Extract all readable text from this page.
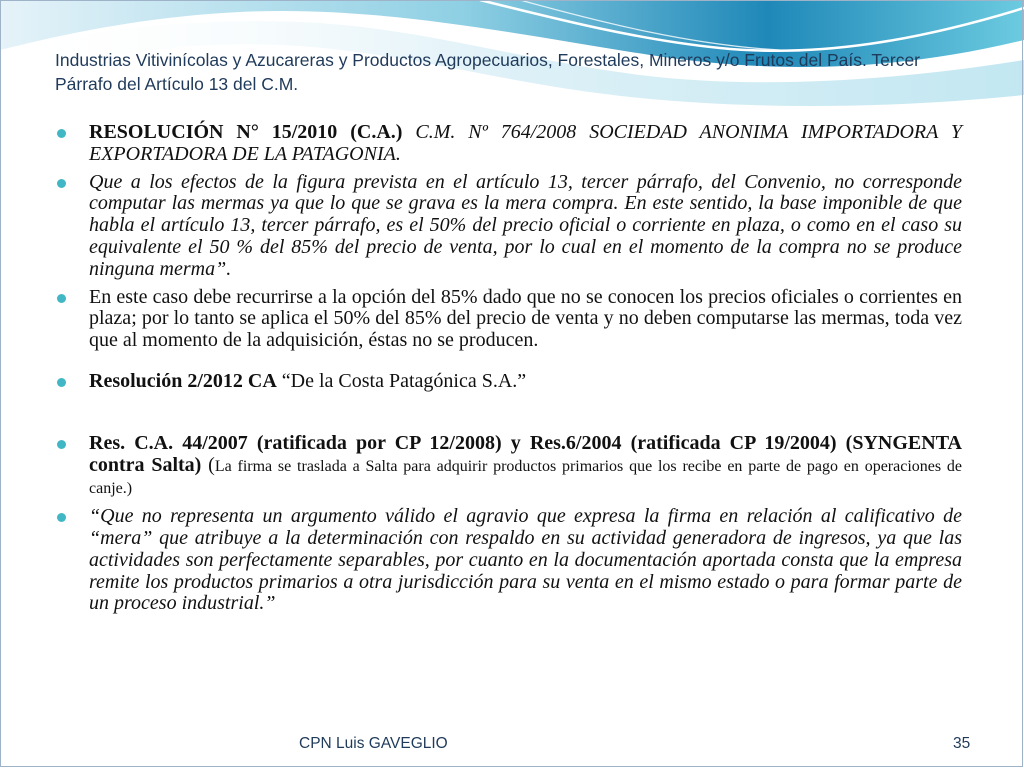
Industrias Vitivinícolas y Azucareras y Productos Agropecuarios, Forestales, Mineros y/o Frutos del País. Tercer Párrafo del Artículo 13 del C.M.
RESOLUCIÓN N° 15/2010 (C.A.) C.M. Nº 764/2008 SOCIEDAD ANONIMA IMPORTADORA Y EXPORTADORA DE LA PATAGONIA.
Que a los efectos de la figura prevista en el artículo 13, tercer párrafo, del Convenio, no corresponde computar las mermas ya que lo que se grava es la mera compra. En este sentido, la base imponible de que habla el artículo 13, tercer párrafo, es el 50% del precio oficial o corriente en plaza, o como en el caso su equivalente el 50 % del 85% del precio de venta, por lo cual en el momento de la compra no se produce ninguna merma”.
En este caso debe recurrirse a la opción del 85% dado que no se conocen los precios oficiales o corrientes en plaza; por lo tanto se aplica el 50% del 85% del precio de venta y no deben computarse las mermas, toda vez que al momento de la adquisición, éstas no se producen.
Resolución 2/2012 CA “De la Costa Patagónica S.A.”
Res. C.A. 44/2007 (ratificada por CP 12/2008) y Res.6/2004 (ratificada CP 19/2004) (SYNGENTA contra Salta) (La firma se traslada a Salta para adquirir productos primarios que los recibe en parte de pago en operaciones de canje.)
“Que no representa un argumento válido el agravio que expresa la firma en relación al calificativo de “mera” que atribuye a la determinación con respaldo en su actividad generadora de ingresos, ya que las actividades son perfectamente separables, por cuanto en la documentación aportada consta que la empresa remite los productos primarios a otra jurisdicción para su venta en el mismo estado o para formar parte de un proceso industrial.”
CPN Luis GAVEGLIO	35
